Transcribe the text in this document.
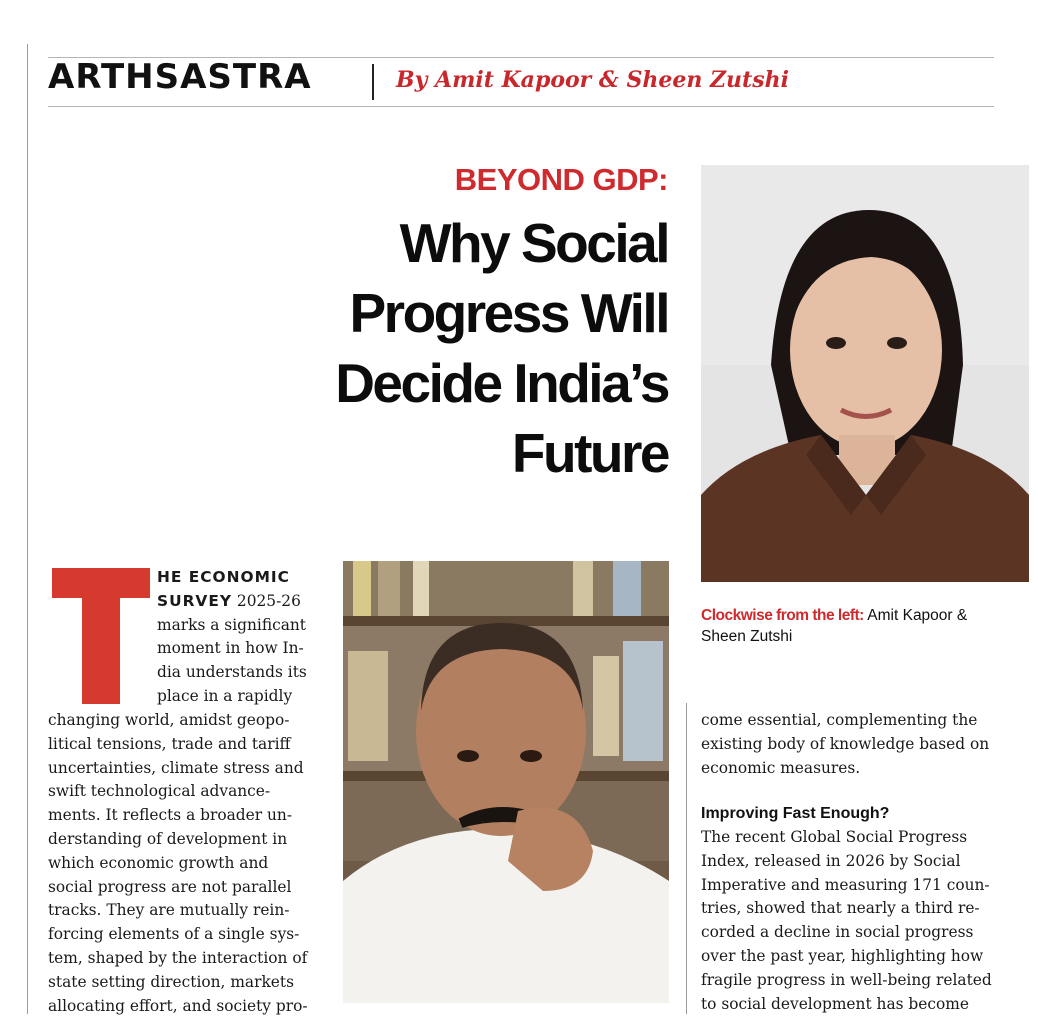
ARTHSASTRA	By Amit Kapoor & Sheen Zutshi
BEYOND GDP:
Why Social
Progress Will
Decide India’s
Future
Clockwise from the left: Amit Kapoor & Sheen Zutshi
HE ECONOMIC
SURVEY 2025-26
marks a significant
moment in how In-
dia understands its
place in a rapidly
changing world, amidst geopo-
litical tensions, trade and tariff
uncertainties, climate stress and
swift technological advance-
ments. It reflects a broader un-
derstanding of development in
which economic growth and
social progress are not parallel
tracks. They are mutually rein-
forcing elements of a single sys-
tem, shaped by the interaction of
state setting direction, markets
allocating effort, and society pro-
come essential, complementing the
existing body of knowledge based on
economic measures.
Improving Fast Enough?
The recent Global Social Progress
Index, released in 2026 by Social
Imperative and measuring 171 coun-
tries, showed that nearly a third re-
corded a decline in social progress
over the past year, highlighting how
fragile progress in well-being related
to social development has become
